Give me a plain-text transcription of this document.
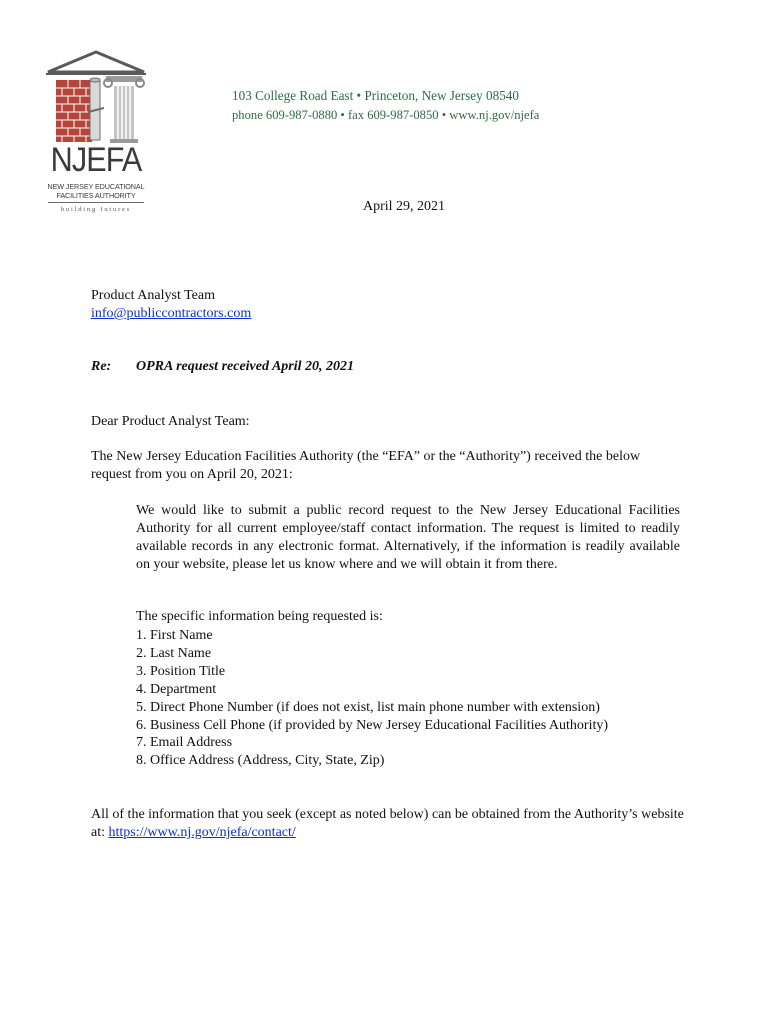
NJEFA
NEW JERSEY EDUCATIONAL
FACILITIES AUTHORITY
building futures
103 College Road East • Princeton, New Jersey 08540
phone 609-987-0880 • fax 609-987-0850 • www.nj.gov/njefa
April 29, 2021
Product Analyst Team
info@publiccontractors.com
Re: OPRA request received April 20, 2021
Dear Product Analyst Team:
The New Jersey Education Facilities Authority (the “EFA” or the “Authority”) received the below request from you on April 20, 2021:
We would like to submit a public record request to the New Jersey Educational Facilities Authority for all current employee/staff contact information. The request is limited to readily available records in any electronic format. Alternatively, if the information is readily available on your website, please let us know where and we will obtain it from there.
The specific information being requested is:
1. First Name
2. Last Name
3. Position Title
4. Department
5. Direct Phone Number (if does not exist, list main phone number with extension)
6. Business Cell Phone (if provided by New Jersey Educational Facilities Authority)
7. Email Address
8. Office Address (Address, City, State, Zip)
All of the information that you seek (except as noted below) can be obtained from the Authority’s website at: https://www.nj.gov/njefa/contact/
